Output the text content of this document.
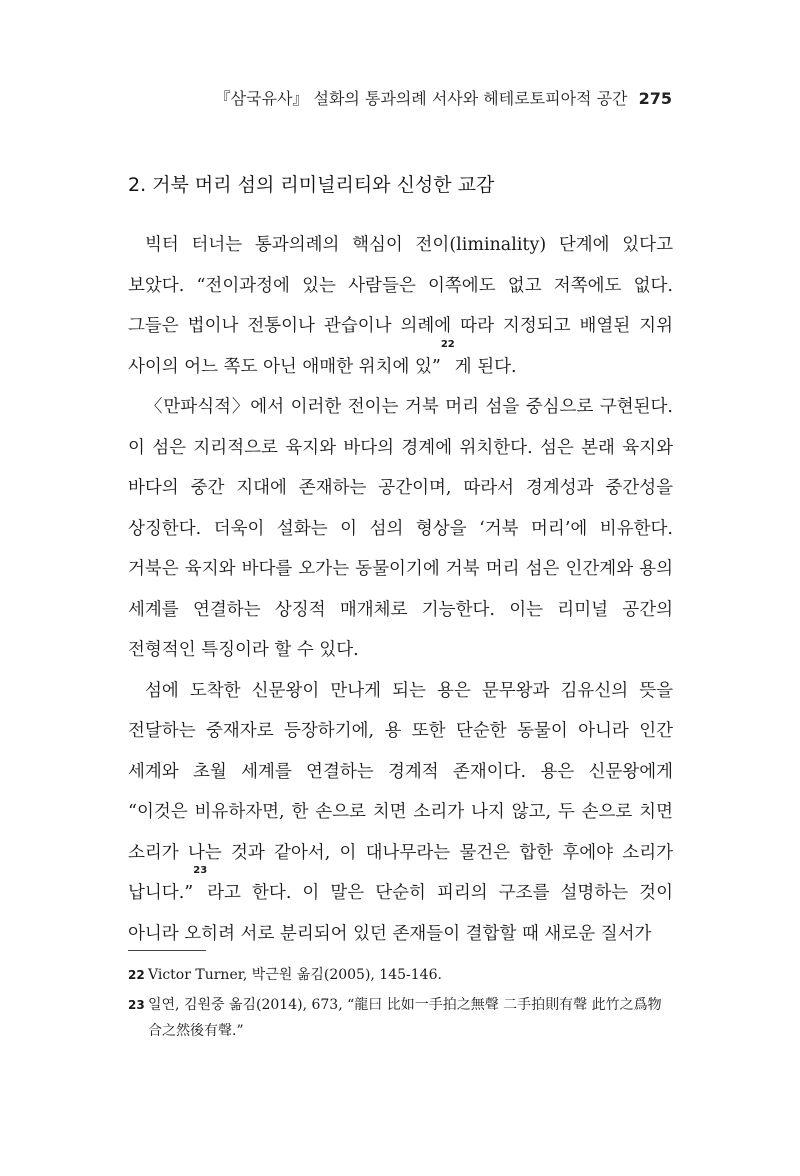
『삼국유사』 설화의 통과의례 서사와 헤테로토피아적 공간 275
2. 거북 머리 섬의 리미널리티와 신성한 교감

빅터 터너는 통과의례의 핵심이 전이(liminality) 단계에 있다고 보았다. “전이과정에 있는 사람들은 이쪽에도 없고 저쪽에도 없다. 그들은 법이나 전통이나 관습이나 의례에 따라 지정되고 배열된 지위 사이의 어느 쪽도 아닌 애매한 위치에 있”$^{22}$게 된다.

〈만파식적〉에서 이러한 전이는 거북 머리 섬을 중심으로 구현된다. 이 섬은 지리적으로 육지와 바다의 경계에 위치한다. 섬은 본래 육지와 바다의 중간 지대에 존재하는 공간이며, 따라서 경계성과 중간성을 상징한다. 더욱이 설화는 이 섬의 형상을 ‘거북 머리’에 비유한다. 거북은 육지와 바다를 오가는 동물이기에 거북 머리 섬은 인간계와 용의 세계를 연결하는 상징적 매개체로 기능한다. 이는 리미널 공간의 전형적인 특징이라 할 수 있다.

섬에 도착한 신문왕이 만나게 되는 용은 문무왕과 김유신의 뜻을 전달하는 중재자로 등장하기에, 용 또한 단순한 동물이 아니라 인간 세계와 초월 세계를 연결하는 경계적 존재이다. 용은 신문왕에게 “이것은 비유하자면, 한 손으로 치면 소리가 나지 않고, 두 손으로 치면 소리가 나는 것과 같아서, 이 대나무라는 물건은 합한 후에야 소리가 납니다.”$^{23}$라고 한다. 이 말은 단순히 피리의 구조를 설명하는 것이 아니라 오히려 서로 분리되어 있던 존재들이 결합할 때 새로운 질서가

22 Victor Turner, 박근원 옮김(2005), 145-146.

23 일연, 김원중 옮김(2014), 673, “龍曰 比如一手拍之無聲 二手拍則有聲 此竹之爲物 合之然後有聲.”
